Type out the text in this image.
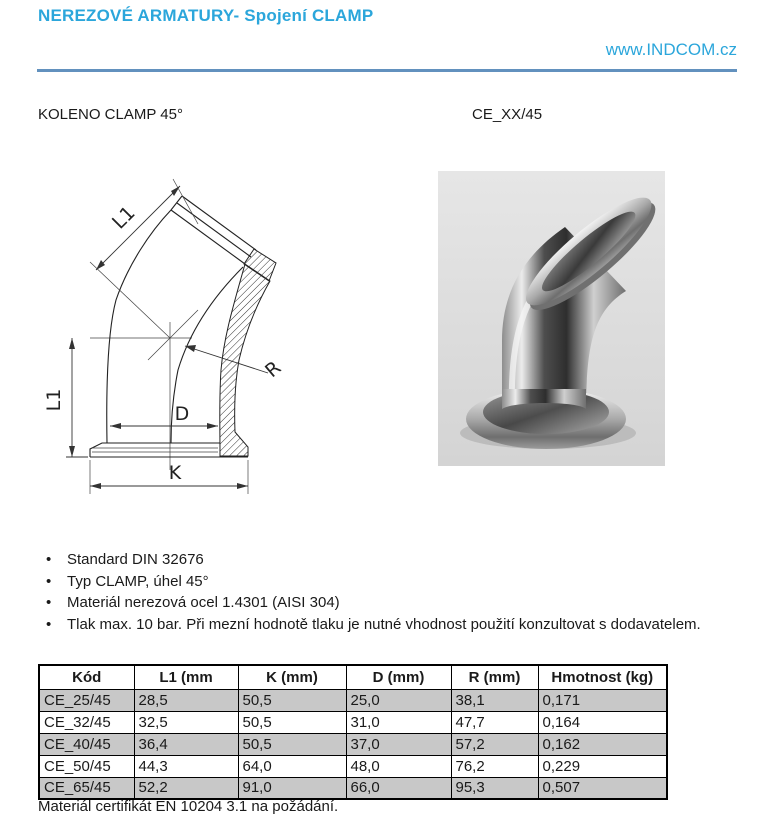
NEREZOVÉ ARMATURY- Spojení CLAMP
www.INDCOM.cz
KOLENO CLAMP 45°	CE_XX/45
L1
L1
D
R
K
• Standard DIN 32676
• Typ CLAMP, úhel 45°
• Materiál nerezová ocel 1.4301 (AISI 304)
• Tlak max. 10 bar. Při mezní hodnotě tlaku je nutné vhodnost použití konzultovat s dodavatelem.
Kód	L1 (mm	K (mm)	D (mm)	R (mm)	Hmotnost (kg)
CE_25/45	28,5	50,5	25,0	38,1	0,171
CE_32/45	32,5	50,5	31,0	47,7	0,164
CE_40/45	36,4	50,5	37,0	57,2	0,162
CE_50/45	44,3	64,0	48,0	76,2	0,229
CE_65/45	52,2	91,0	66,0	95,3	0,507
Materiál certifikát EN 10204 3.1 na požádání.
